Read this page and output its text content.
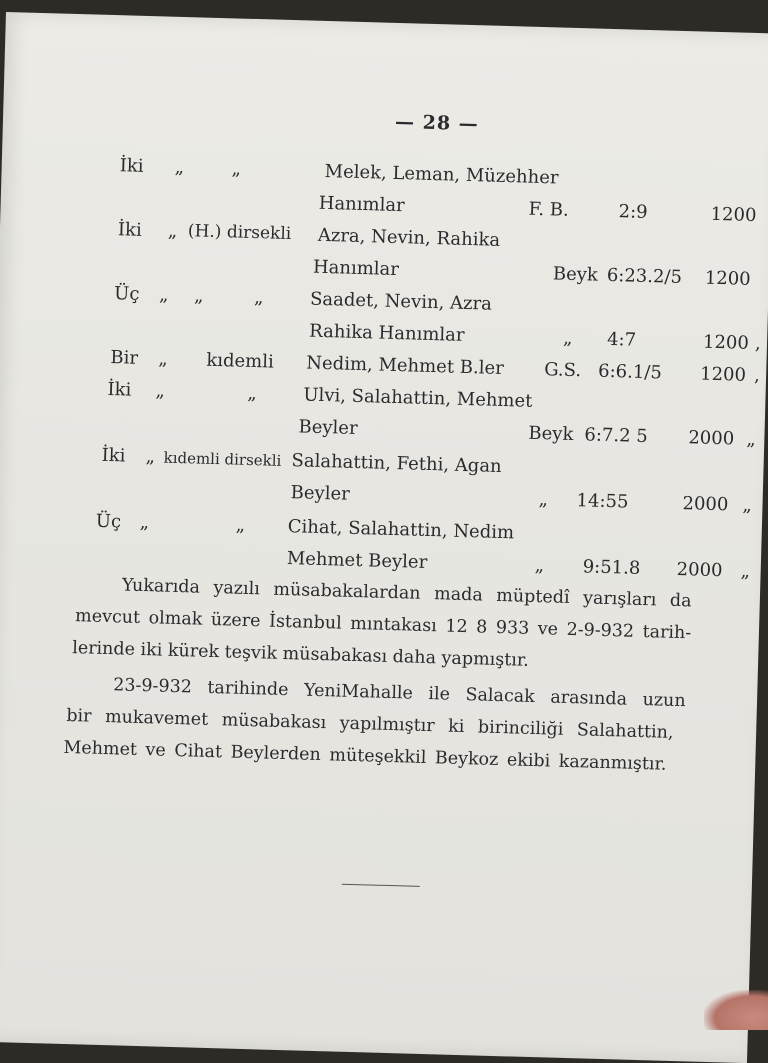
— 28 —
İki „	„	Melek, Leman, Müzehher
Hanımlar	F. B.	2:9	1200
İki „ (H.) dirsekli Azra, Nevin, Rahika
Hanımlar	Beyk 6:23.2/5 1200
Üç „ „	„	Saadet, Nevin, Azra
Rahika Hanımlar	„ 4:7	1200 ,
Bir „ kıdemli Nedim, Mehmet B.ler G.S. 6:6.1/5 1200 ,
İki „	„	Ulvi, Salahattin, Mehmet
Beyler	Beyk 6:7.2 5 2000 „
İki „ kıdemli dirsekli Salahattin, Fethi, Agan
Beyler	„ 14:55	2000 „
Üç „	„ Cihat, Salahattin, Nedim
Mehmet Beyler	„ 9:51.8 2000 „
Yukarıda yazılı müsabakalardan mada müptedî yarışları da
mevcut olmak üzere İstanbul mıntakası 12 8 933 ve 2-9-932 tarih-
lerinde iki kürek teşvik müsabakası daha yapmıştır.
23-9-932 tarihinde YeniMahalle ile Salacak arasında uzun
bir mukavemet müsabakası yapılmıştır ki birinciliği Salahattin,
Mehmet ve Cihat Beylerden müteşekkil Beykoz ekibi kazanmıştır.
